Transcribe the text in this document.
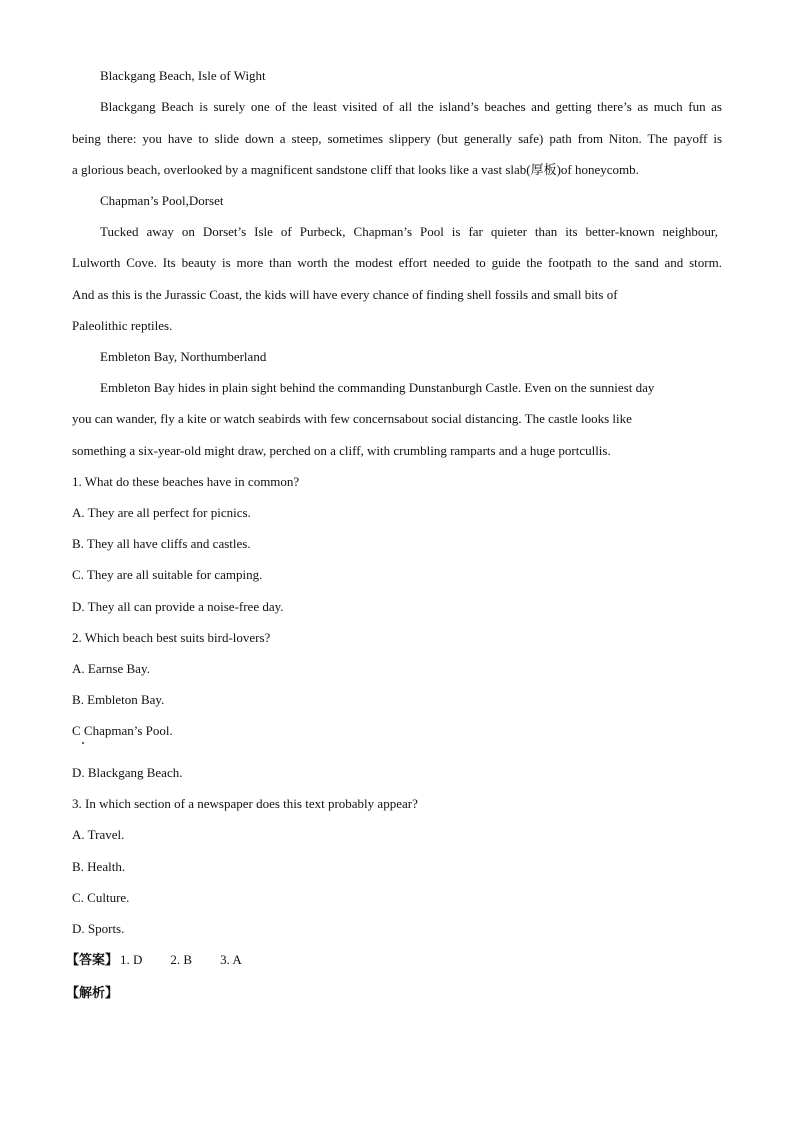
Blackgang Beach, Isle of Wight
Blackgang Beach is surely one of the least visited of all the island’s beaches and getting there’s as much fun as
being there: you have to slide down a steep, sometimes slippery (but generally safe) path from Niton. The payoff is
a glorious beach, overlooked by a magnificent sandstone cliff that looks like a vast slab(厚板)of honeycomb.
Chapman’s Pool,Dorset
Tucked away on Dorset’s Isle of Purbeck, Chapman’s Pool is far quieter than its better-known neighbour,
Lulworth Cove. Its beauty is more than worth the modest effort needed to guide the footpath to the sand and storm.
And as this is the Jurassic Coast, the kids will have every chance of finding shell fossils and small bits of
Paleolithic reptiles.
Embleton Bay, Northumberland
Embleton Bay hides in plain sight behind the commanding Dunstanburgh Castle. Even on the sunniest day
you can wander, fly a kite or watch seabirds with few concernsabout social distancing. The castle looks like
something a six-year-old might draw, perched on a cliff, with crumbling ramparts and a huge portcullis.
1. What do these beaches have in common?
A. They are all perfect for picnics.
B. They all have cliffs and castles.
C. They are all suitable for camping.
D. They all can provide a noise-free day.
2. Which beach best suits bird-lovers?
A. Earnse Bay.
B. Embleton Bay.
C Chapman’s Pool.
D. Blackgang Beach.
3. In which section of a newspaper does this text probably appear?
A. Travel.
B. Health.
C. Culture.
D. Sports.
【答案】 1. D 2. B 3. A
【解析】
